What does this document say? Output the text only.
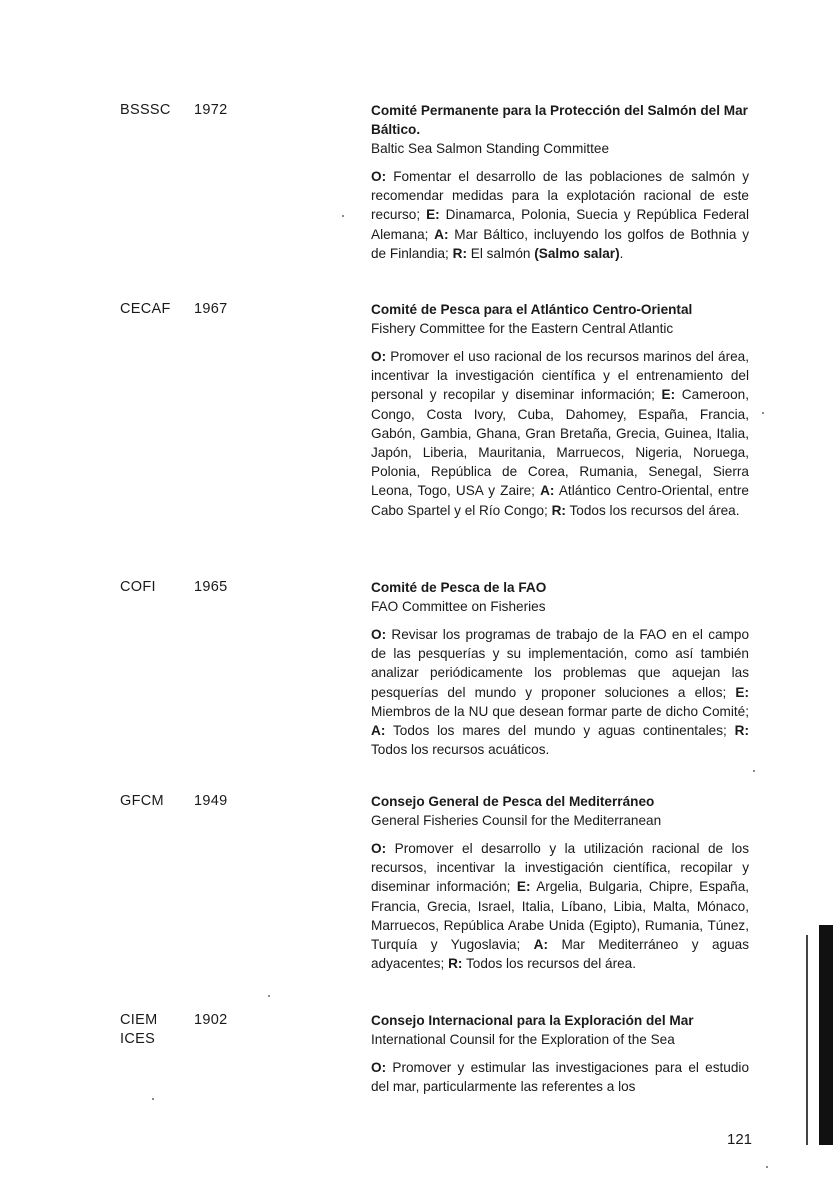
BSSSC 1972	Comité Permanente para la Protección del Salmón del Mar Báltico.

Baltic Sea Salmon Standing Committee

O: Fomentar el desarrollo de las poblaciones de salmón y recomendar medidas para la explotación racional de este recurso; E: Dinamarca, Polonia, Suecia y República Federal Alemana; A: Mar Báltico, incluyendo los golfos de Bothnia y de Finlandia; R: El salmón (Salmo salar).

CECAF 1967	Comité de Pesca para el Atlántico Centro-Oriental

Fishery Committee for the Eastern Central Atlantic

O: Promover el uso racional de los recursos marinos del área, incentivar la investigación científica y el entrenamiento del personal y recopilar y diseminar información; E: Cameroon, Congo, Costa Ivory, Cuba, Dahomey, España, Francia, Gabón, Gambia, Ghana, Gran Bretaña, Grecia, Guinea, Italia, Japón, Liberia, Mauritania, Marruecos, Nigeria, Noruega, Polonia, República de Corea, Rumania, Senegal, Sierra Leona, Togo, USA y Zaire; A: Atlántico Centro-Oriental, entre Cabo Spartel y el Río Congo; R: Todos los recursos del área.

COFI	1965	Comité de Pesca de la FAO

FAO Committee on Fisheries

O: Revisar los programas de trabajo de la FAO en el campo de las pesquerías y su implementación, como así también analizar periódicamente los problemas que aquejan las pesquerías del mundo y proponer soluciones a ellos; E: Miembros de la NU que desean formar parte de dicho Comité; A: Todos los mares del mundo y aguas continentales; R: Todos los recursos acuáticos.

GFCM 1949	Consejo General de Pesca del Mediterráneo

General Fisheries Counsil for the Mediterranean

O: Promover el desarrollo y la utilización racional de los recursos, incentivar la investigación científica, recopilar y diseminar información; E: Argelia, Bulgaria, Chipre, España, Francia, Grecia, Israel, Italia, Líbano, Libia, Malta, Mónaco, Marruecos, República Arabe Unida (Egipto), Rumania, Túnez, Turquía y Yugoslavia; A: Mar Mediterráneo y aguas adyacentes; R: Todos los recursos del área.

CIEM
ICES
1902	Consejo Internacional para la Exploración del Mar

International Counsil for the Exploration of the Sea

O: Promover y estimular las investigaciones para el estudio del mar, particularmente las referentes a los

121
